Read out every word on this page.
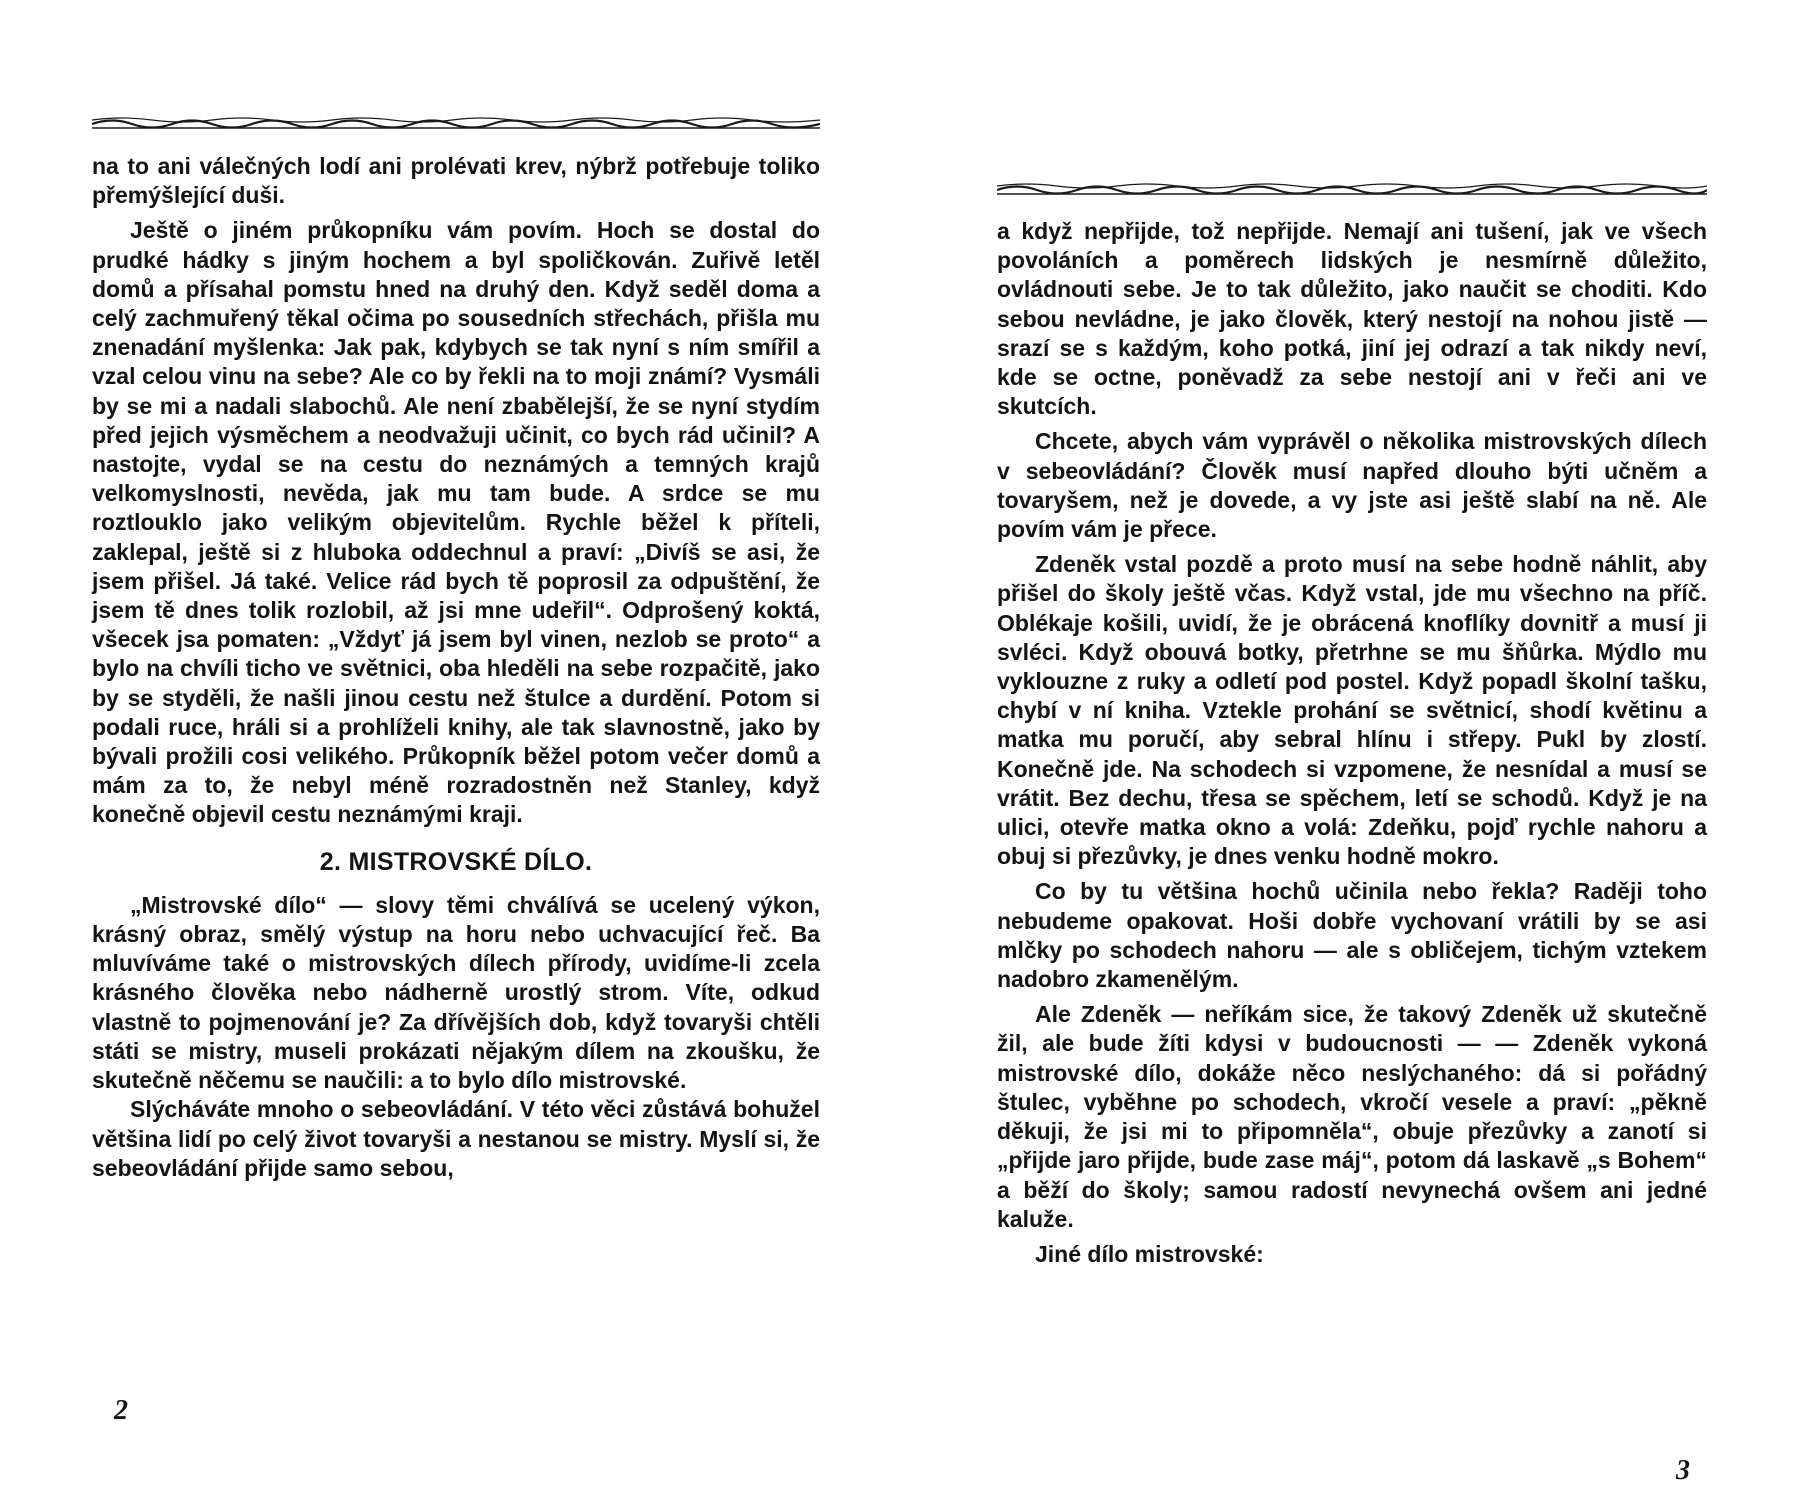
na to ani válečných lodí ani prolévati krev, nýbrž potřebuje toliko přemýšlející duši.

Ještě o jiném průkopníku vám povím. Hoch se dostal do prudké hádky s jiným hochem a byl spoličkován. Zuřivě letěl domů a přísahal pomstu hned na druhý den. Když seděl doma a celý zachmuřený těkal očima po sousedních střechách, přišla mu znenadání myšlenka: Jak pak, kdybych se tak nyní s ním smířil a vzal celou vinu na sebe? Ale co by řekli na to moji známí? Vysmáli by se mi a nadali slabochů. Ale není zbabělejší, že se nyní stydím před jejich výsměchem a neodvažuji učinit, co bych rád učinil? A nastojte, vydal se na cestu do neznámých a temných krajů velkomyslnosti, nevěda, jak mu tam bude. A srdce se mu roztlouklo jako velikým objevitelům. Rychle běžel k příteli, zaklepal, ještě si z hluboka oddechnul a praví: „Divíš se asi, že jsem přišel. Já také. Velice rád bych tě poprosil za odpuštění, že jsem tě dnes tolik rozlobil, až jsi mne udeřil“. Odprošený koktá, všecek jsa pomaten: „Vždyť já jsem byl vinen, nezlob se proto“ a bylo na chvíli ticho ve světnici, oba hleděli na sebe rozpačitě, jako by se styděli, že našli jinou cestu než štulce a durdění. Potom si podali ruce, hráli si a prohlíželi knihy, ale tak slavnostně, jako by bývali prožili cosi velikého. Průkopník běžel potom večer domů a mám za to, že nebyl méně rozradostněn než Stanley, když konečně objevil cestu neznámými kraji.

2. MISTROVSKÉ DÍLO.

„Mistrovské dílo“ — slovy těmi chválívá se ucelený výkon, krásný obraz, smělý výstup na horu nebo uchvacující řeč. Ba mluvíváme také o mistrovských dílech přírody, uvidíme-li zcela krásného člověka nebo nádherně urostlý strom. Víte, odkud vlastně to pojmenování je? Za dřívějších dob, když tovaryši chtěli státi se mistry, museli prokázati nějakým dílem na zkoušku, že skutečně něčemu se naučili: a to bylo dílo mistrovské.

Slýcháváte mnoho o sebeovládání. V této věci zůstává bohužel většina lidí po celý život tovaryši a nestanou se mistry. Myslí si, že sebeovládání přijde samo sebou,

2

a když nepřijde, tož nepřijde. Nemají ani tušení, jak ve všech povoláních a poměrech lidských je nesmírně důležito, ovládnouti sebe. Je to tak důležito, jako naučit se choditi. Kdo sebou nevládne, je jako člověk, který nestojí na nohou jistě — srazí se s každým, koho potká, jiní jej odrazí a tak nikdy neví, kde se octne, poněvadž za sebe nestojí ani v řeči ani ve skutcích.

Chcete, abych vám vyprávěl o několika mistrovských dílech v sebeovládání? Člověk musí napřed dlouho býti učněm a tovaryšem, než je dovede, a vy jste asi ještě slabí na ně. Ale povím vám je přece.

Zdeněk vstal pozdě a proto musí na sebe hodně náhlit, aby přišel do školy ještě včas. Když vstal, jde mu všechno na příč. Oblékaje košili, uvidí, že je obrácená knoflíky dovnitř a musí ji svléci. Když obouvá botky, přetrhne se mu šňůrka. Mýdlo mu vyklouzne z ruky a odletí pod postel. Když popadl školní tašku, chybí v ní kniha. Vztekle prohání se světnicí, shodí květinu a matka mu poručí, aby sebral hlínu i střepy. Pukl by zlostí. Konečně jde. Na schodech si vzpomene, že nesnídal a musí se vrátit. Bez dechu, třesa se spěchem, letí se schodů. Když je na ulici, otevře matka okno a volá: Zdeňku, pojď rychle nahoru a obuj si přezůvky, je dnes venku hodně mokro.

Co by tu většina hochů učinila nebo řekla? Raději toho nebudeme opakovat. Hoši dobře vychovaní vrátili by se asi mlčky po schodech nahoru — ale s obličejem, tichým vztekem nadobro zkamenělým.

Ale Zdeněk — neříkám sice, že takový Zdeněk už skutečně žil, ale bude žíti kdysi v budoucnosti — — Zdeněk vykoná mistrovské dílo, dokáže něco neslýchaného: dá si pořádný štulec, vyběhne po schodech, vkročí vesele a praví: „pěkně děkuji, že jsi mi to připomněla“, obuje přezůvky a zanotí si „přijde jaro přijde, bude zase máj“, potom dá laskavě „s Bohem“ a běží do školy; samou radostí nevynechá ovšem ani jedné kaluže.

Jiné dílo mistrovské:

3
